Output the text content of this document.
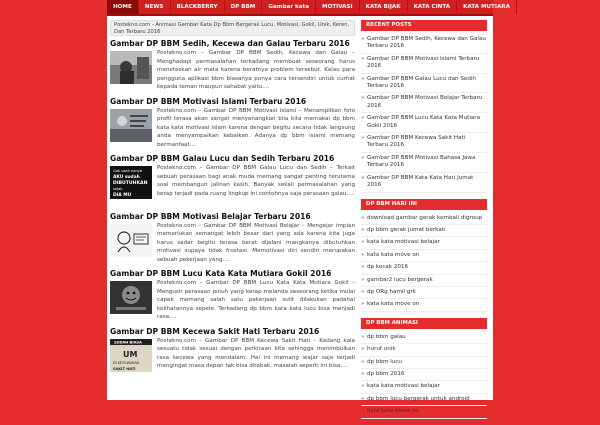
HOME	NEWS	BLACKBERRY	DP BBM	Gambar kata	MOTIVASI	KATA BIJAK	KATA CINTA	KATA MUTIARA
Postekno.com - Animasi Gambar Kata Dp Bbm Bergerak Lucu, Motivasi, Gokil, Unik, Keren, Dan Terbaru 2016
Gambar DP BBM Sedih, Kecewa dan Galau Terbaru 2016
Postekno.com – Gambar DP BBM Sedih, Kecewa dan Galau – Menghadapi permasalahan terkadang membuat seseorang harus meneteskan air mata karena beratnya problem tersebut. Kalau para pengguna aplikasi bbm biasanya punya cara tersendiri untuk curhat kepada teman maupun sahabat yaitu....
Gambar DP BBM Motivasi Islami Terbaru 2016
Postekno.com – Gambar DP BBM Motivasi Islami – Menampilkan foto profil terasa akan sangat menyenangkan bila kita memakai dp bbm kata kata motivasi islam karena dengan begitu secara tidak langsung anda menyampaikan kebaikan. Adanya dp bbm islami memang bermanfaat....
Gambar DP BBM Galau Lucu dan Sedih Terbaru 2016
Gak usah nanya
AKU sudah
DIBUTUHKAN
sejak
DIA MU
Postekno.com – Gambar DP BBM Galau Lucu dan Sedih – Terkait sebuah perasaan bagi anak muda memang sangat penting terutama soal membangun jalinan kasih. Banyak sekali permasalahan yang kerap terjadi pada ruang lingkup ini contohnya saja perasaan galau....
Gambar DP BBM Motivasi Belajar Terbaru 2016
Postekno.com – Gambar DP BBM Motivasi Belajar – Mengejar impian memerlukan semangat lebih besar dari yang ada karena kita juga harus sadar begitu terasa berat dijalani mangkanya dibutuhkan motivasi supaya tidak frustasi. Memotivasi diri sendiri merupakan sebuah pekerjaan yang....
Gambar DP BBM Lucu Kata Kata Mutiara Gokil 2016
Postekno.com – Gambar DP BBM Lucu Kata Kata Mutiara Gokil – Mengusir perasaan jenuh yang kerap melanda seseorang ketika mulai capek memang salah satu pekerjaan sulit dilakukan padahal kelihatannya sepele. Terkadang dp bbm kata kata lucu bisa menjadi rasa....
Gambar DP BBM Kecewa Sakit Hati Terbaru 2016
SUDAH BIASA
UM
DI KECEWAKAN
SAKIT HATI
Postekno.com – Gambar DP BBM Kecewa Sakit Hati – Kadang kala sesuatu tidak sesuai dengan perkiraan kita sehingga menimbulkan rasa kecewa yang mendalam. Hal ini memang wajar saja terjadi mengingat masa depan tak bisa ditebak, masalah seperti ini bisa....
RECENT POSTS
» Gambar DP BBM Sedih, Kecewa dan Galau Terbaru 2016
» Gambar DP BBM Motivasi Islami Terbaru 2016
» Gambar DP BBM Galau Lucu dan Sedih Terbaru 2016
» Gambar DP BBM Motivasi Belajar Terbaru 2016
» Gambar DP BBM Lucu Kata Kata Mutiara Gokil 2016
» Gambar DP BBM Kecewa Sakit Hati Terbaru 2016
» Gambar DP BBM Motivasi Bahasa Jawa Terbaru 2016
» Gambar DP BBM Kata Kata Hari Jumat 2016
DP BBM HARI INI
» download gambar gerak kembali digroup
» dp bbm gerak jumat berkah
» kata kata motivasi belajar
» kata kata move on
» dp kocak 2016
» gambar2 lucu bergerak
» dp ORg hamil grk
» kata kata move on
DP BBM ANIMASI
» dp bbm galau
» huruf unik
» dp bbm lucu
» dp bbm 2016
» kata kata motivasi belajar
» dp bbm lucu bergerak untuk android
» kata kata move on
